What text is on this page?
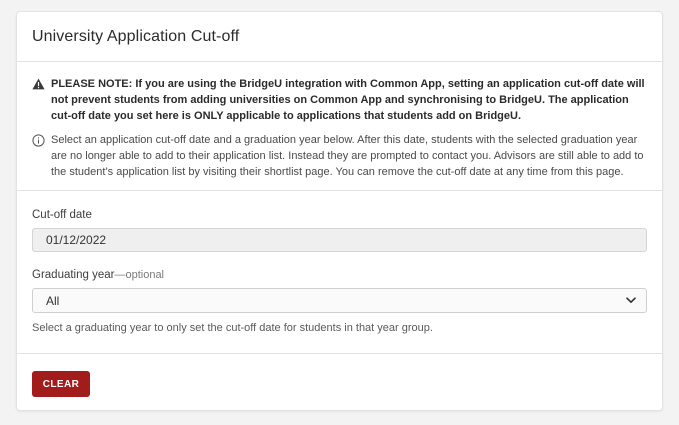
University Application Cut-off
PLEASE NOTE: If you are using the BridgeU integration with Common App, setting an application cut-off date will not prevent students from adding universities on Common App and synchronising to BridgeU. The application cut-off date you set here is ONLY applicable to applications that students add on BridgeU.
Select an application cut-off date and a graduation year below. After this date, students with the selected graduation year are no longer able to add to their application list. Instead they are prompted to contact you. Advisors are still able to add to the student’s application list by visiting their shortlist page. You can remove the cut-off date at any time from this page.
Cut-off date
01/12/2022
Graduating year—optional
All
Select a graduating year to only set the cut-off date for students in that year group.
CLEAR
